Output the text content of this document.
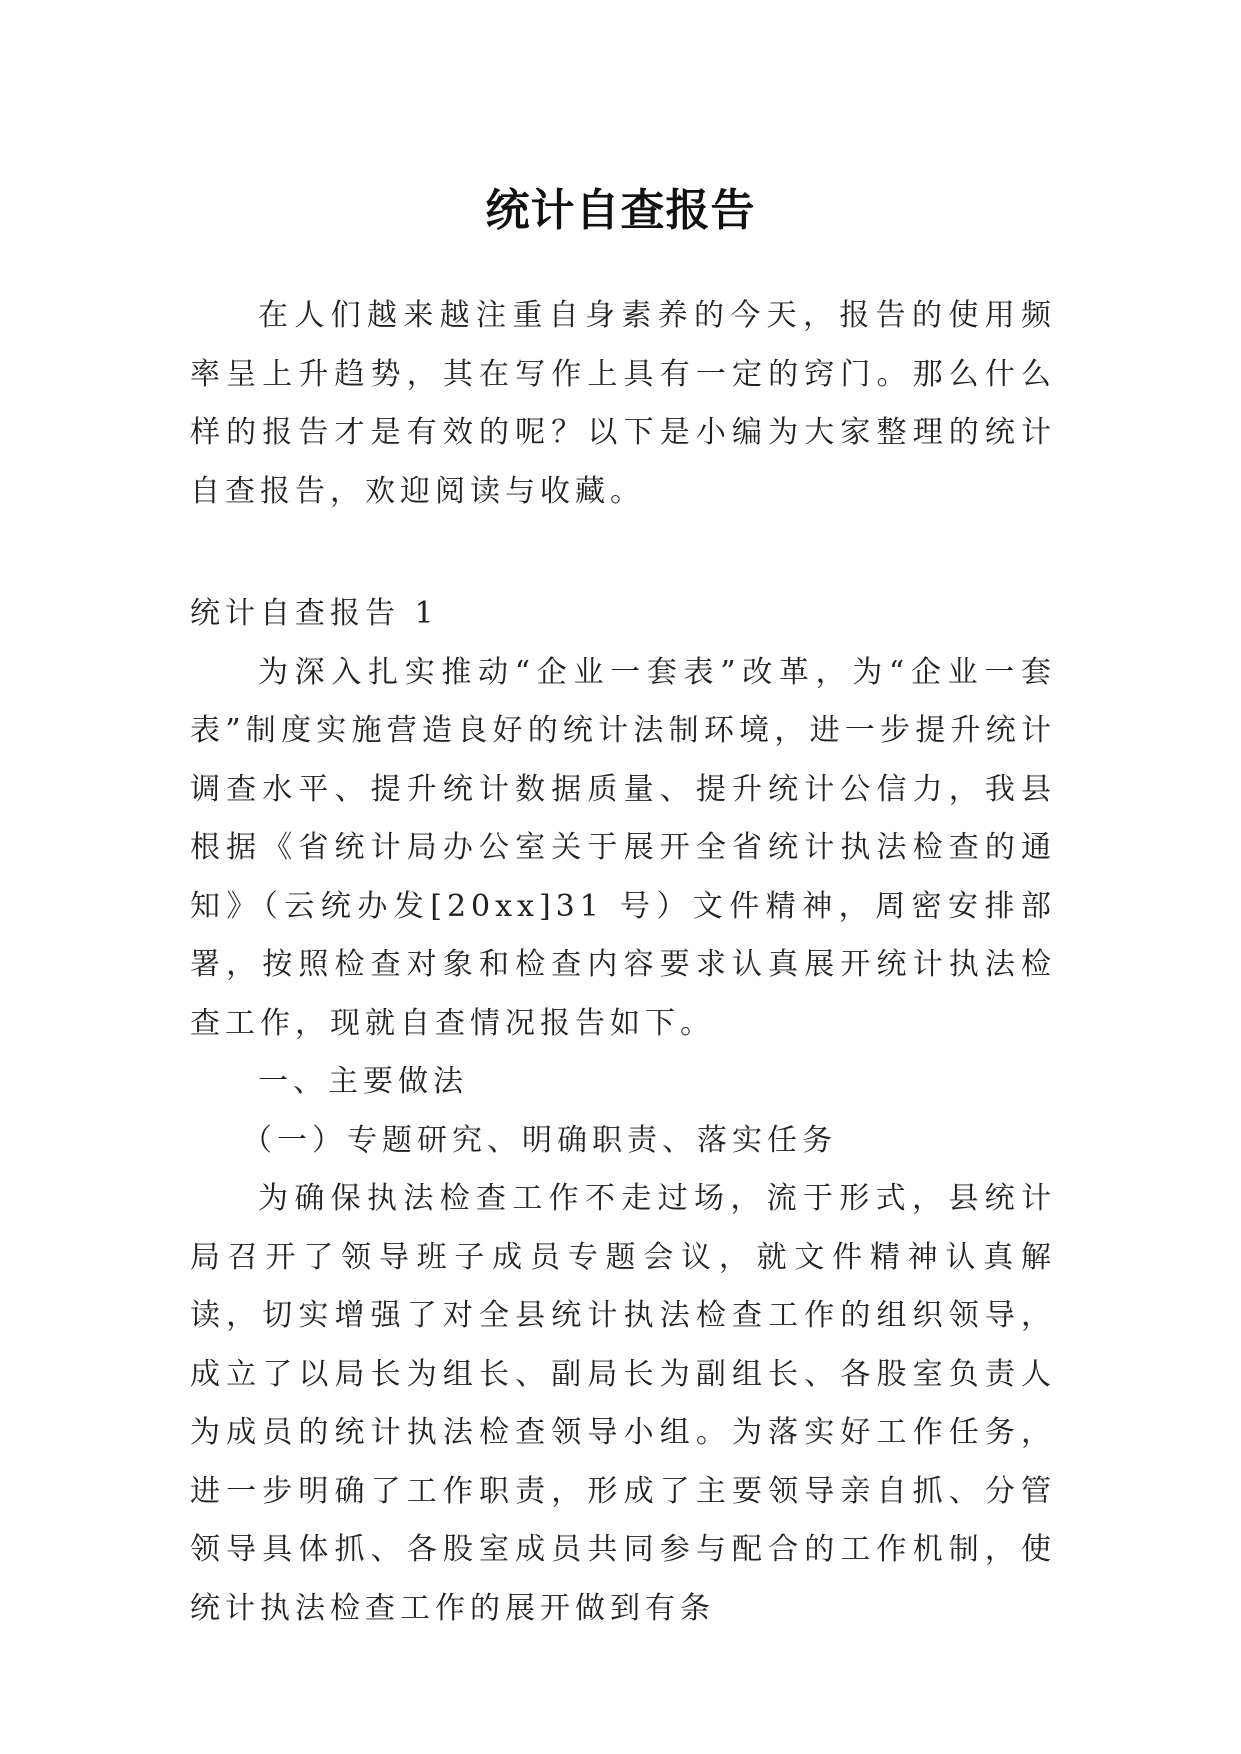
统计自查报告

在人们越来越注重自身素养的今天，报告的使用频率呈上升趋势，其在写作上具有一定的窍门。那么什么样的报告才是有效的呢？以下是小编为大家整理的统计自查报告，欢迎阅读与收藏。

统计自查报告 1

为深入扎实推动“企业一套表”改革，为“企业一套表”制度实施营造良好的统计法制环境，进一步提升统计调查水平、提升统计数据质量、提升统计公信力，我县根据《省统计局办公室关于展开全省统计执法检查的通知》（云统办发[20xx]31 号）文件精神，周密安排部署，按照检查对象和检查内容要求认真展开统计执法检查工作，现就自查情况报告如下。

一、主要做法

（一）专题研究、明确职责、落实任务

为确保执法检查工作不走过场，流于形式，县统计局召开了领导班子成员专题会议，就文件精神认真解读，切实增强了对全县统计执法检查工作的组织领导，成立了以局长为组长、副局长为副组长、各股室负责人为成员的统计执法检查领导小组。为落实好工作任务，进一步明确了工作职责，形成了主要领导亲自抓、分管领导具体抓、各股室成员共同参与配合的工作机制，使统计执法检查工作的展开做到有条
